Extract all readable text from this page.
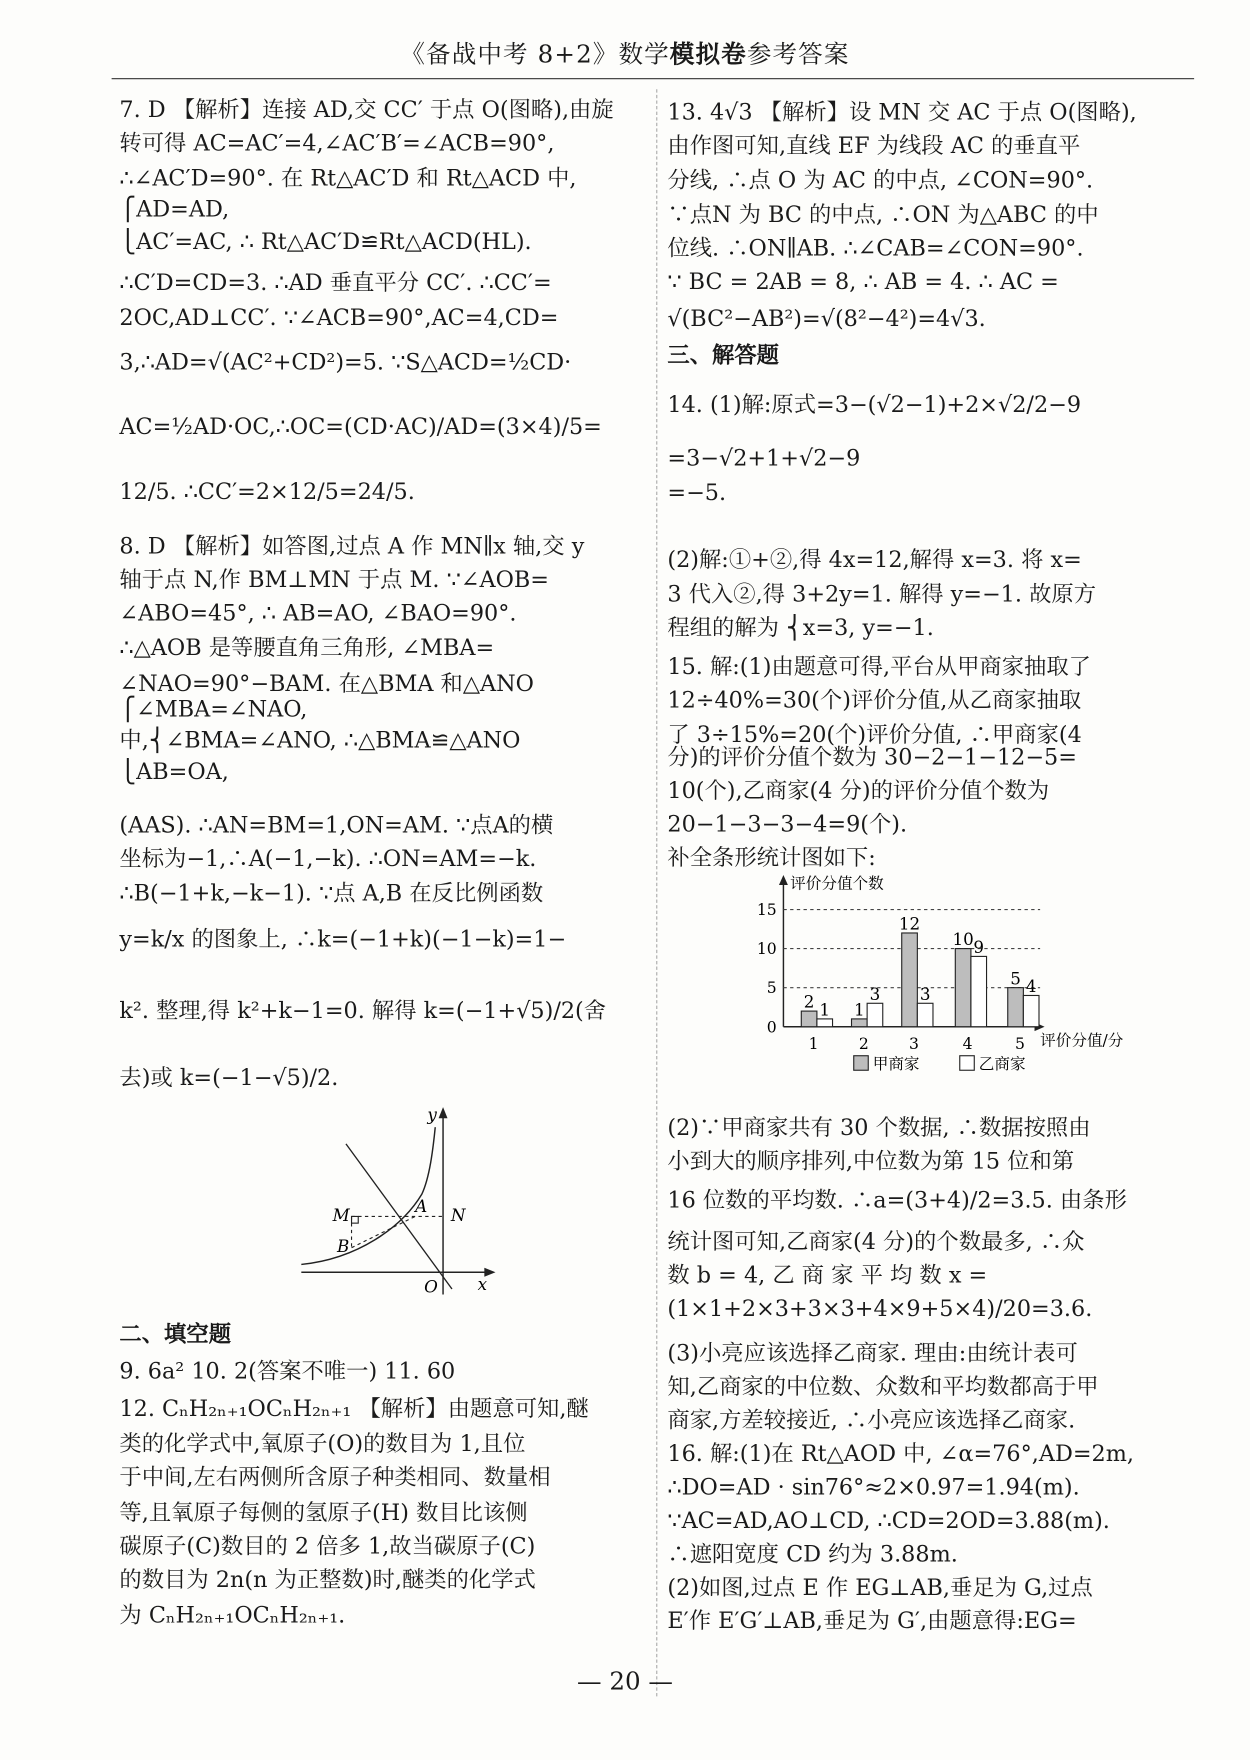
《备战中考 8+2》数学模拟卷参考答案
7. D 【解析】连接 AD,交 CC′ 于点 O(图略),由旋
转可得 AC=AC′=4,∠AC′B′=∠ACB=90°,
∴∠AC′D=90°. 在 Rt△AC′D 和 Rt△ACD 中,
⎧AD=AD,
⎩AC′=AC, ∴ Rt△AC′D≌Rt△ACD(HL).
∴C′D=CD=3. ∴AD 垂直平分 CC′. ∴CC′=
2OC,AD⊥CC′. ∵∠ACB=90°,AC=4,CD=
3,∴AD=√(AC²+CD²)=5. ∵S△ACD=½CD·
AC=½AD·OC,∴OC=(CD·AC)/AD=(3×4)/5=
12/5. ∴CC′=2×12/5=24/5.
8. D 【解析】如答图,过点 A 作 MN∥x 轴,交 y
轴于点 N,作 BM⊥MN 于点 M. ∵∠AOB=
∠ABO=45°, ∴ AB=AO, ∠BAO=90°.
∴△AOB 是等腰直角三角形, ∠MBA=
∠NAO=90°−BAM. 在△BMA 和△ANO
⎧∠MBA=∠NAO,
中,⎨∠BMA=∠ANO, ∴△BMA≌△ANO
⎩AB=OA,
(AAS). ∴AN=BM=1,ON=AM. ∵点A的横
坐标为−1,∴A(−1,−k). ∴ON=AM=−k.
∴B(−1+k,−k−1). ∵点 A,B 在反比例函数
y=k/x 的图象上, ∴k=(−1+k)(−1−k)=1−
k². 整理,得 k²+k−1=0. 解得 k=(−1+√5)/2(舍
去)或 k=(−1−√5)/2.
二、填空题
9. 6a² 10. 2(答案不唯一) 11. 60
12. CₙH₂ₙ₊₁OCₙH₂ₙ₊₁ 【解析】由题意可知,醚
类的化学式中,氧原子(O)的数目为 1,且位
于中间,左右两侧所含原子种类相同、数量相
等,且氧原子每侧的氢原子(H) 数目比该侧
碳原子(C)数目的 2 倍多 1,故当碳原子(C)
的数目为 2n(n 为正整数)时,醚类的化学式
为 CₙH₂ₙ₊₁OCₙH₂ₙ₊₁.
13. 4√3 【解析】设 MN 交 AC 于点 O(图略),
由作图可知,直线 EF 为线段 AC 的垂直平
分线, ∴点 O 为 AC 的中点, ∠CON=90°.
∵点N 为 BC 的中点, ∴ON 为△ABC 的中
位线. ∴ON∥AB. ∴∠CAB=∠CON=90°.
∵ BC = 2AB = 8, ∴ AB = 4. ∴ AC =
√(BC²−AB²)=√(8²−4²)=4√3.
三、解答题
14. (1)解:原式=3−(√2−1)+2×√2/2−9
=3−√2+1+√2−9
=−5.
(2)解:①+②,得 4x=12,解得 x=3. 将 x=
3 代入②,得 3+2y=1. 解得 y=−1. 故原方
程组的解为 ⎨x=3, y=−1.
15. 解:(1)由题意可得,平台从甲商家抽取了
12÷40%=30(个)评价分值,从乙商家抽取
了 3÷15%=20(个)评价分值, ∴甲商家(4
分)的评价分值个数为 30−2−1−12−5=
10(个),乙商家(4 分)的评价分值个数为
20−1−3−3−4=9(个).
补全条形统计图如下:
(2)∵甲商家共有 30 个数据, ∴数据按照由
小到大的顺序排列,中位数为第 15 位和第
16 位数的平均数. ∴a=(3+4)/2=3.5. 由条形
统计图可知,乙商家(4 分)的个数最多, ∴众
数 b = 4, 乙 商 家 平 均 数 x =
(1×1+2×3+3×3+4×9+5×4)/20=3.6.
(3)小亮应该选择乙商家. 理由:由统计表可
知,乙商家的中位数、众数和平均数都高于甲
商家,方差较接近, ∴小亮应该选择乙商家.
16. 解:(1)在 Rt△AOD 中, ∠α=76°,AD=2m,
∴DO=AD · sin76°≈2×0.97=1.94(m).
∵AC=AD,AO⊥CD, ∴CD=2OD=3.88(m).
∴遮阳宽度 CD 约为 3.88m.
(2)如图,过点 E 作 EG⊥AB,垂足为 G,过点
E′作 E′G′⊥AB,垂足为 G′,由题意得:EG=
y
x
O
M	A N
B
评价分值个数
评价分值/分
0
5
10
15
1
2 1
2
1
3
3
12
3
4
10 9
5
5 4
甲商家	乙商家
— 20 —
